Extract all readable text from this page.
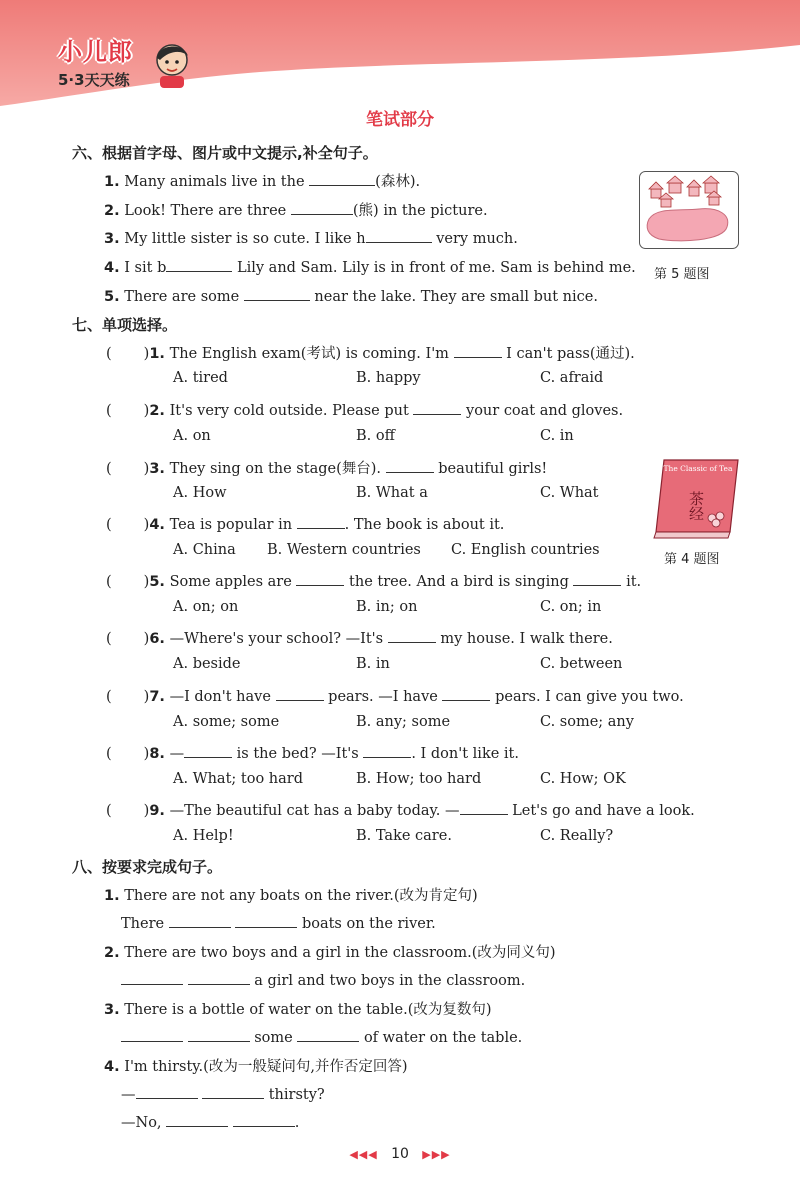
小儿郎
5·3天天练
笔试部分
六、根据首字母、图片或中文提示,补全句子。
1. Many animals live in the	(森林).
2. Look! There are three	(熊) in the picture.
3. My little sister is so cute. I like h	very much.
4. I sit b	Lily and Sam. Lily is in front of me. Sam is behind me.
5. There are some	near the lake. They are small but nice.
第 5 题图
七、单项选择。
( )1. The English exam(考试) is coming. I'm	I can't pass(通过).
A. tired	B. happy	C. afraid
( )2. It's very cold outside. Please put	your coat and gloves.
A. on	B. off	C. in
( )3. They sing on the stage(舞台).	beautiful girls!
A. How	B. What a	C. What
( )4. Tea is popular in	. The book is about it.
A. China B. Western countries C. English countries
The Classic of Tea
茶经
第 4 题图
( )5. Some apples are	the tree. And a bird is singing	it.
A. on; on	B. in; on	C. on; in
( )6. —Where's your school? —It's	my house. I walk there.
A. beside	B. in	C. between
( )7. —I don't have	pears. —I have	pears. I can give you two.
A. some; some	B. any; some	C. some; any
( )8. —	is the bed? —It's	. I don't like it.
A. What; too hard	B. How; too hard	C. How; OK
( )9. —The beautiful cat has a baby today. —	Let's go and have a look.
A. Help!	B. Take care.	C. Really?
八、按要求完成句子。
1. There are not any boats on the river.(改为肯定句)
There	boats on the river.
2. There are two boys and a girl in the classroom.(改为同义句)
a girl and two boys in the classroom.
3. There is a bottle of water on the table.(改为复数句)
some	of water on the table.
4. I'm thirsty.(改为一般疑问句,并作否定回答)
—	thirsty?
—No,	.
◀◀◀ 10 ▶▶▶
